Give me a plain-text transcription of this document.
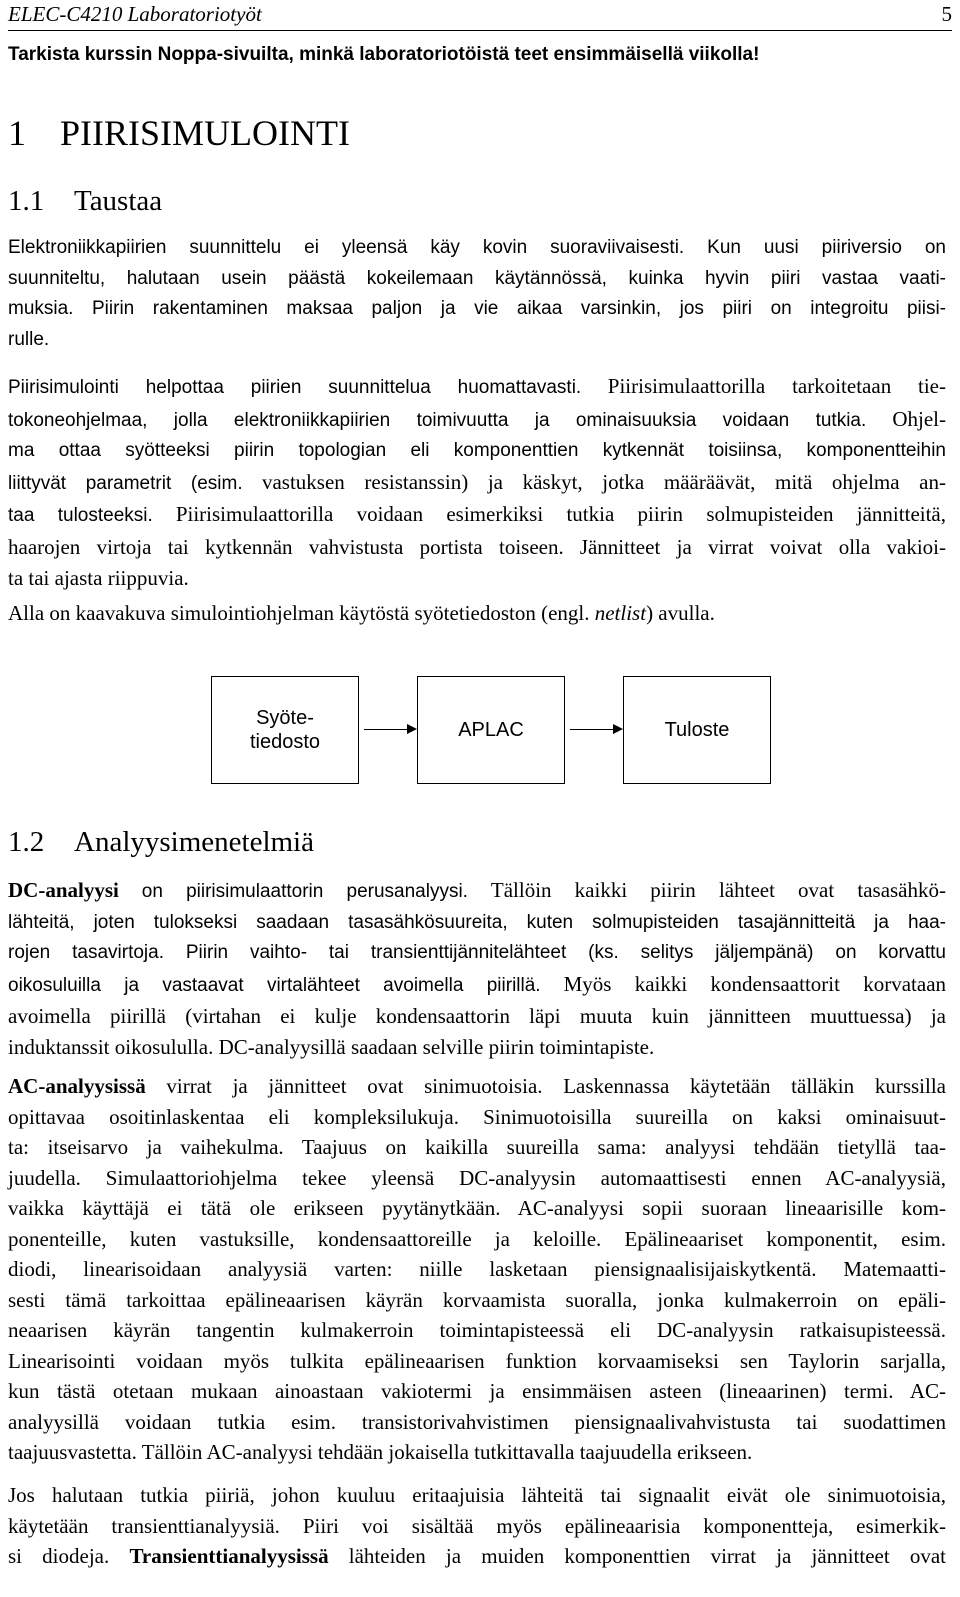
ELEC-C4210 Laboratoriotyöt	5
Tarkista kurssin Noppa-sivuilta, minkä laboratoriotöistä teet ensimmäisellä viikolla!
1 PIIRISIMULOINTI
1.1 Taustaa
Elektroniikkapiirien suunnittelu ei yleensä käy kovin suoraviivaisesti. Kun uusi piiriversio on
suunniteltu, halutaan usein päästä kokeilemaan käytännössä, kuinka hyvin piiri vastaa vaati-
muksia. Piirin rakentaminen maksaa paljon ja vie aikaa varsinkin, jos piiri on integroitu piisi-
rulle.
Piirisimulointi helpottaa piirien suunnittelua huomattavasti. Piirisimulaattorilla tarkoitetaan tie-
tokoneohjelmaa, jolla elektroniikkapiirien toimivuutta ja ominaisuuksia voidaan tutkia. Ohjel-
ma ottaa syötteeksi piirin topologian eli komponenttien kytkennät toisiinsa, komponentteihin
liittyvät parametrit (esim. vastuksen resistanssin) ja käskyt, jotka määräävät, mitä ohjelma an-
taa tulosteeksi. Piirisimulaattorilla voidaan esimerkiksi tutkia piirin solmupisteiden jännitteitä,
haarojen virtoja tai kytkennän vahvistusta portista toiseen. Jännitteet ja virrat voivat olla vakioi-
ta tai ajasta riippuvia.
Alla on kaavakuva simulointiohjelman käytöstä syötetiedoston (engl. netlist) avulla.
Syöte-
tiedosto
APLAC	Tuloste
1.2 Analyysimenetelmiä
DC-analyysi on piirisimulaattorin perusanalyysi. Tällöin kaikki piirin lähteet ovat tasasähkö-
lähteitä, joten tulokseksi saadaan tasasähkösuureita, kuten solmupisteiden tasajännitteitä ja haa-
rojen tasavirtoja. Piirin vaihto- tai transienttijännitelähteet (ks. selitys jäljempänä) on korvattu
oikosuluilla ja vastaavat virtalähteet avoimella piirillä. Myös kaikki kondensaattorit korvataan
avoimella piirillä (virtahan ei kulje kondensaattorin läpi muuta kuin jännitteen muuttuessa) ja
induktanssit oikosululla. DC-analyysillä saadaan selville piirin toimintapiste.
AC-analyysissä virrat ja jännitteet ovat sinimuotoisia. Laskennassa käytetään tälläkin kurssilla
opittavaa osoitinlaskentaa eli kompleksilukuja. Sinimuotoisilla suureilla on kaksi ominaisuut-
ta: itseisarvo ja vaihekulma. Taajuus on kaikilla suureilla sama: analyysi tehdään tietyllä taa-
juudella. Simulaattoriohjelma tekee yleensä DC-analyysin automaattisesti ennen AC-analyysiä,
vaikka käyttäjä ei tätä ole erikseen pyytänytkään. AC-analyysi sopii suoraan lineaarisille kom-
ponenteille, kuten vastuksille, kondensaattoreille ja keloille. Epälineaariset komponentit, esim.
diodi, linearisoidaan analyysiä varten: niille lasketaan piensignaalisijaiskytkentä. Matemaatti-
sesti tämä tarkoittaa epälineaarisen käyrän korvaamista suoralla, jonka kulmakerroin on epäli-
neaarisen käyrän tangentin kulmakerroin toimintapisteessä eli DC-analyysin ratkaisupisteessä.
Linearisointi voidaan myös tulkita epälineaarisen funktion korvaamiseksi sen Taylorin sarjalla,
kun tästä otetaan mukaan ainoastaan vakiotermi ja ensimmäisen asteen (lineaarinen) termi. AC-
analyysillä voidaan tutkia esim. transistorivahvistimen piensignaalivahvistusta tai suodattimen
taajuusvastetta. Tällöin AC-analyysi tehdään jokaisella tutkittavalla taajuudella erikseen.
Jos halutaan tutkia piiriä, johon kuuluu eritaajuisia lähteitä tai signaalit eivät ole sinimuotoisia,
käytetään transienttianalyysiä. Piiri voi sisältää myös epälineaarisia komponentteja, esimerkik-
si diodeja. Transienttianalyysissä lähteiden ja muiden komponenttien virrat ja jännitteet ovat
